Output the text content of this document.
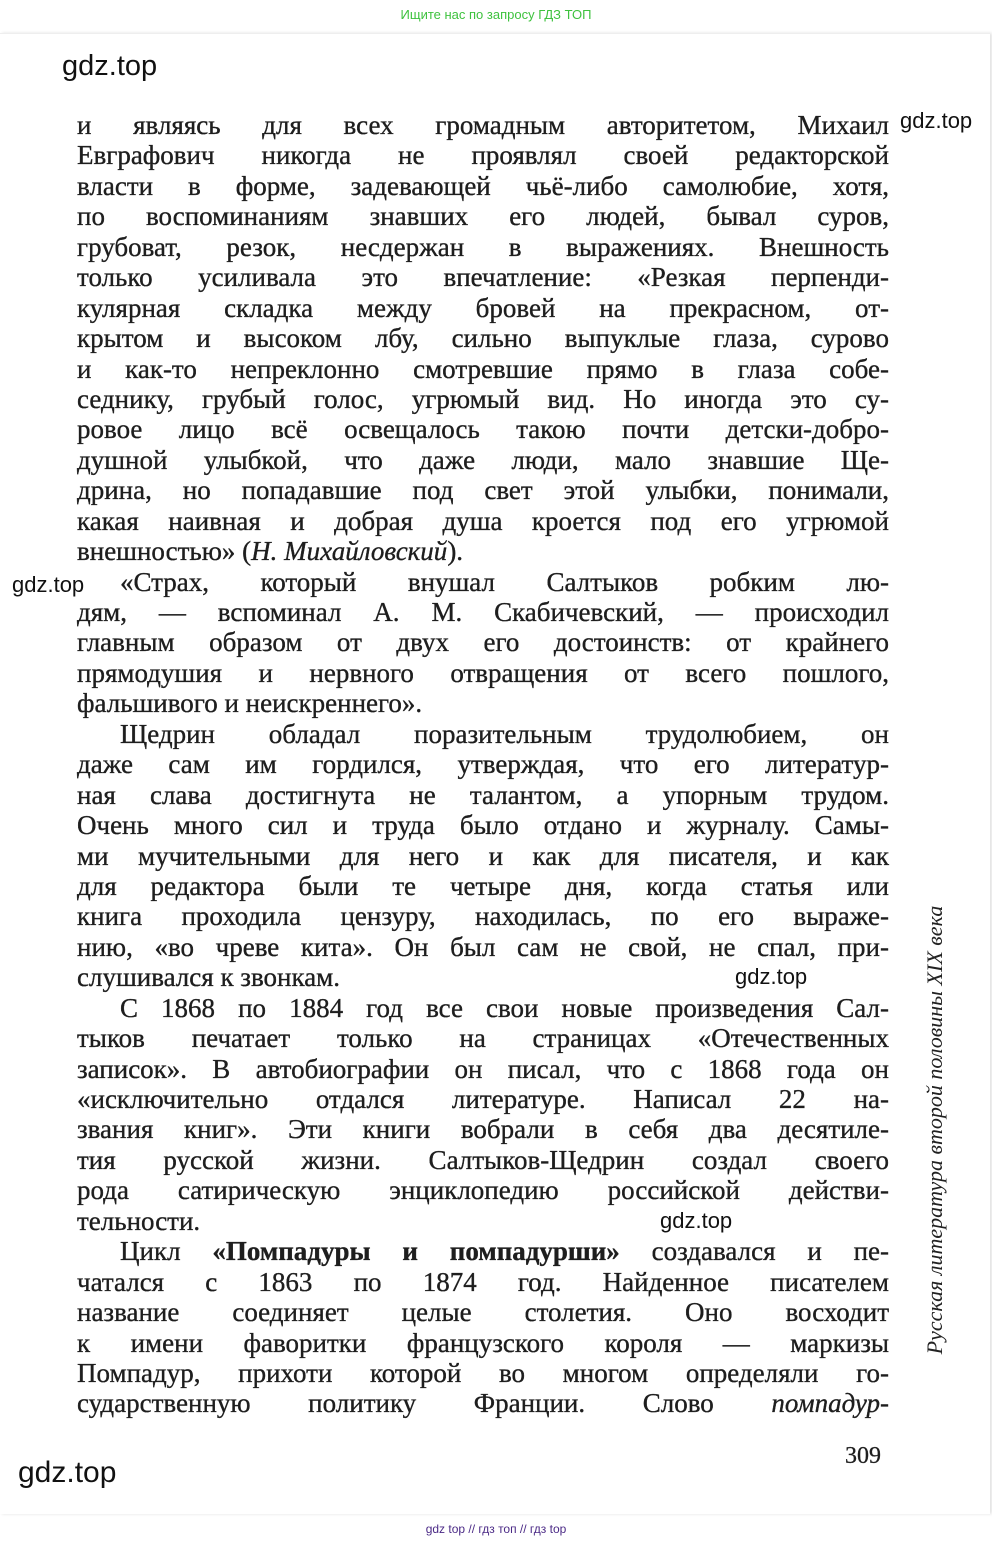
Ищите нас по запросу ГДЗ ТОП
gdz.top
gdz.top
gdz.top
gdz.top
gdz.top
gdz.top
и являясь для всех громадным авторитетом, Михаил
Евграфович никогда не проявлял своей редакторской
власти в форме, задевающей чьё-либо самолюбие, хотя,
по воспоминаниям знавших его людей, бывал суров,
грубоват, резок, несдержан в выражениях. Внешность
только усиливала это впечатление: «Резкая перпенди-
кулярная складка между бровей на прекрасном, от-
крытом и высоком лбу, сильно выпуклые глаза, сурово
и как-то непреклонно смотревшие прямо в глаза собе-
седнику, грубый голос, угрюмый вид. Но иногда это су-
ровое лицо всё освещалось такою почти детски-добро-
душной улыбкой, что даже люди, мало знавшие Ще-
дрина, но попадавшие под свет этой улыбки, понимали,
какая наивная и добрая душа кроется под его угрюмой
внешностью» (Н. Михайловский).
«Страх, который внушал Салтыков робким лю-
дям, — вспоминал А. М. Скабичевский, — происходил
главным образом от двух его достоинств: от крайнего
прямодушия и нервного отвращения от всего пошлого,
фальшивого и неискреннего».
Щедрин обладал поразительным трудолюбием, он
даже сам им гордился, утверждая, что его литератур-
ная слава достигнута не талантом, а упорным трудом.
Очень много сил и труда было отдано и журналу. Самы-
ми мучительными для него и как для писателя, и как
для редактора были те четыре дня, когда статья или
книга проходила цензуру, находилась, по его выраже-
нию, «во чреве кита». Он был сам не свой, не спал, при-
слушивался к звонкам.
С 1868 по 1884 год все свои новые произведения Сал-
тыков печатает только на страницах «Отечественных
записок». В автобиографии он писал, что с 1868 года он
«исключительно отдался литературе. Написал 22 на-
звания книг». Эти книги вобрали в себя два десятиле-
тия русской жизни. Салтыков-Щедрин создал своего
рода сатирическую энциклопедию российской действи-
тельности.
Цикл «Помпадуры и помпадурши» создавался и пе-
чатался с 1863 по 1874 год. Найденное писателем
название соединяет целые столетия. Оно восходит
к имени фаворитки французского короля — маркизы
Помпадур, прихоти которой во многом определяли го-
сударственную политику Франции. Слово помпадур-
Русская литература второй половины XIX века
309
gdz top // гдз топ // гдз top
